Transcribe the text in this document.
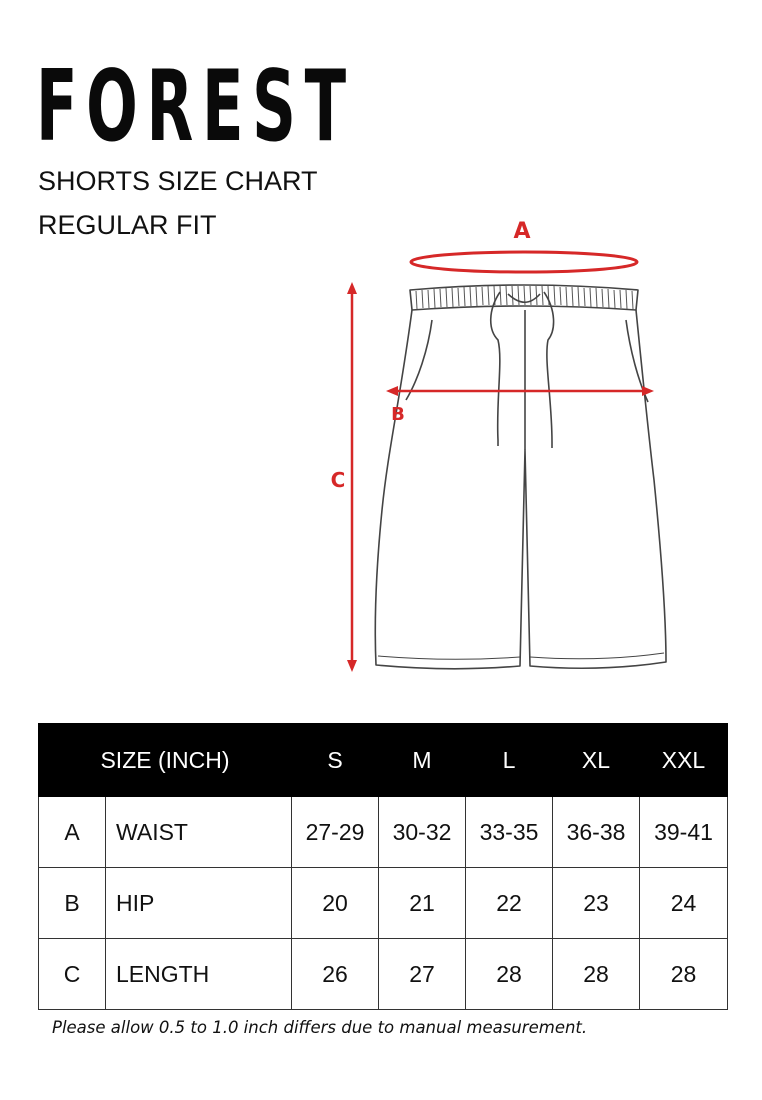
FOREST
SHORTS SIZE CHART
REGULAR FIT	A
B
C
SIZE (INCH)		S	M	L	XL	XXL
A	WAIST	27-29	30-32	33-35	36-38	39-41
B	HIP	20	21	22	23	24
C	LENGTH	26	27	28	28	28
Please allow 0.5 to 1.0 inch differs due to manual measurement.
